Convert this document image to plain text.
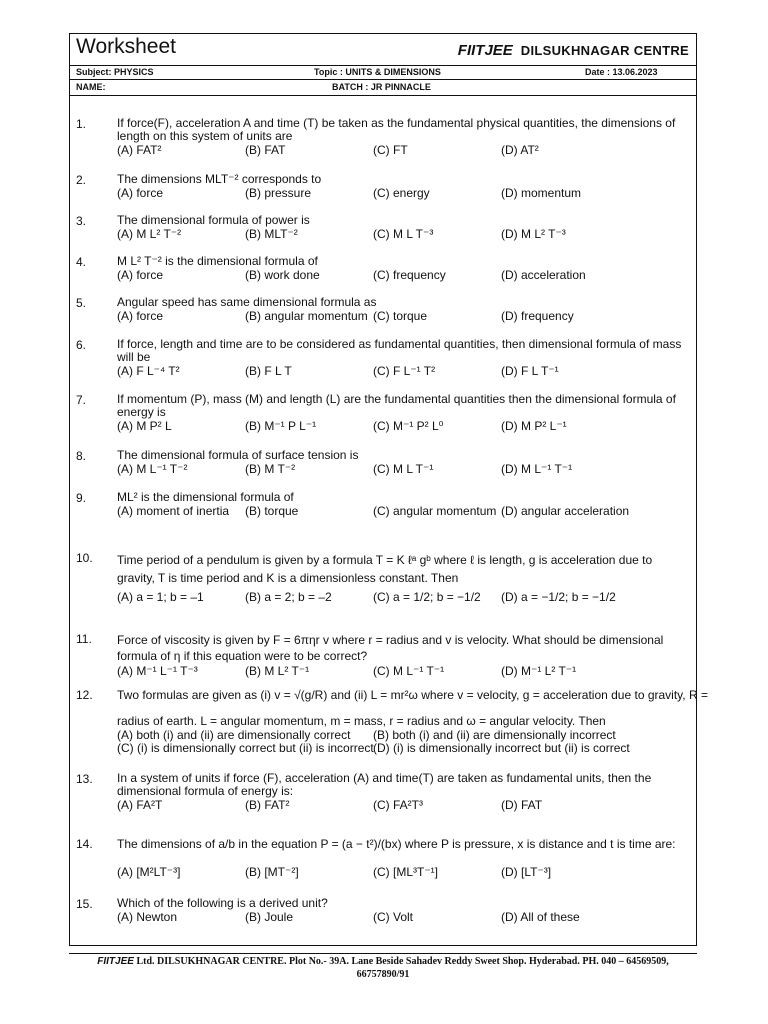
Worksheet	FIITJEE DILSUKHNAGAR CENTRE
Subject: PHYSICS	Topic : UNITS & DIMENSIONS	Date : 13.06.2023
NAME:	BATCH : JR PINNACLE
1.	If force(F), acceleration A and time (T) be taken as the fundamental physical quantities, the dimensions of length on this system of units are
(A) FAT²	(B) FAT	(C) FT	(D) AT²
2.	The dimensions MLT⁻² corresponds to
(A) force	(B) pressure	(C) energy	(D) momentum
3.	The dimensional formula of power is
(A) M L² T⁻²	(B) MLT⁻²	(C) M L T⁻³	(D) M L² T⁻³
4.	M L² T⁻² is the dimensional formula of
(A) force	(B) work done	(C) frequency	(D) acceleration
5.	Angular speed has same dimensional formula as
(A) force	(B) angular momentum (C) torque	(D) frequency
6.	If force, length and time are to be considered as fundamental quantities, then dimensional formula of mass will be
(A) F L⁻⁴ T²	(B) F L T	(C) F L⁻¹ T²	(D) F L T⁻¹
7.	If momentum (P), mass (M) and length (L) are the fundamental quantities then the dimensional formula of energy is
(A) M P² L	(B) M⁻¹ P L⁻¹	(C) M⁻¹ P² L⁰	(D) M P² L⁻¹
8.	The dimensional formula of surface tension is
(A) M L⁻¹ T⁻²	(B) M T⁻²	(C) M L T⁻¹	(D) M L⁻¹ T⁻¹
9.	ML² is the dimensional formula of
(A) moment of inertia (B) torque	(C) angular momentum (D) angular acceleration
10. Time period of a pendulum is given by a formula T = K ℓᵃ gᵇ where ℓ is length, g is acceleration due to gravity, T is time period and K is a dimensionless constant. Then
(A) a = 1; b = –1	(B) a = 2; b = –2	(C) a = 1/2; b = −1/2 (D) a = −1/2; b = −1/2
11. Force of viscosity is given by F = 6πηr v where r = radius and v is velocity. What should be dimensional formula of η if this equation were to be correct?
(A) M⁻¹ L⁻¹ T⁻³	(B) M L² T⁻¹	(C) M L⁻¹ T⁻¹	(D) M⁻¹ L² T⁻¹
12. Two formulas are given as (i) v = √(g/R) and (ii) L = mr²ω where v = velocity, g = acceleration due to gravity, R =
radius of earth. L = angular momentum, m = mass, r = radius and ω = angular velocity. Then
(A) both (i) and (ii) are dimensionally correct (B) both (i) and (ii) are dimensionally incorrect
(C) (i) is dimensionally correct but (ii) is incorrect (D) (i) is dimensionally incorrect but (ii) is correct
13. In a system of units if force (F), acceleration (A) and time(T) are taken as fundamental units, then the dimensional formula of energy is:
(A) FA²T	(B) FAT²	(C) FA²T³	(D) FAT
14. The dimensions of a/b in the equation P = (a − t²)/(bx) where P is pressure, x is distance and t is time are:
(A) [M²LT⁻³]	(B) [MT⁻²]	(C) [ML³T⁻¹]	(D) [LT⁻³]
15. Which of the following is a derived unit?
(A) Newton	(B) Joule	(C) Volt	(D) All of these
FIITJEE Ltd. DILSUKHNAGAR CENTRE. Plot No.- 39A. Lane Beside Sahadev Reddy Sweet Shop. Hyderabad. PH. 040 – 64569509,
66757890/91
